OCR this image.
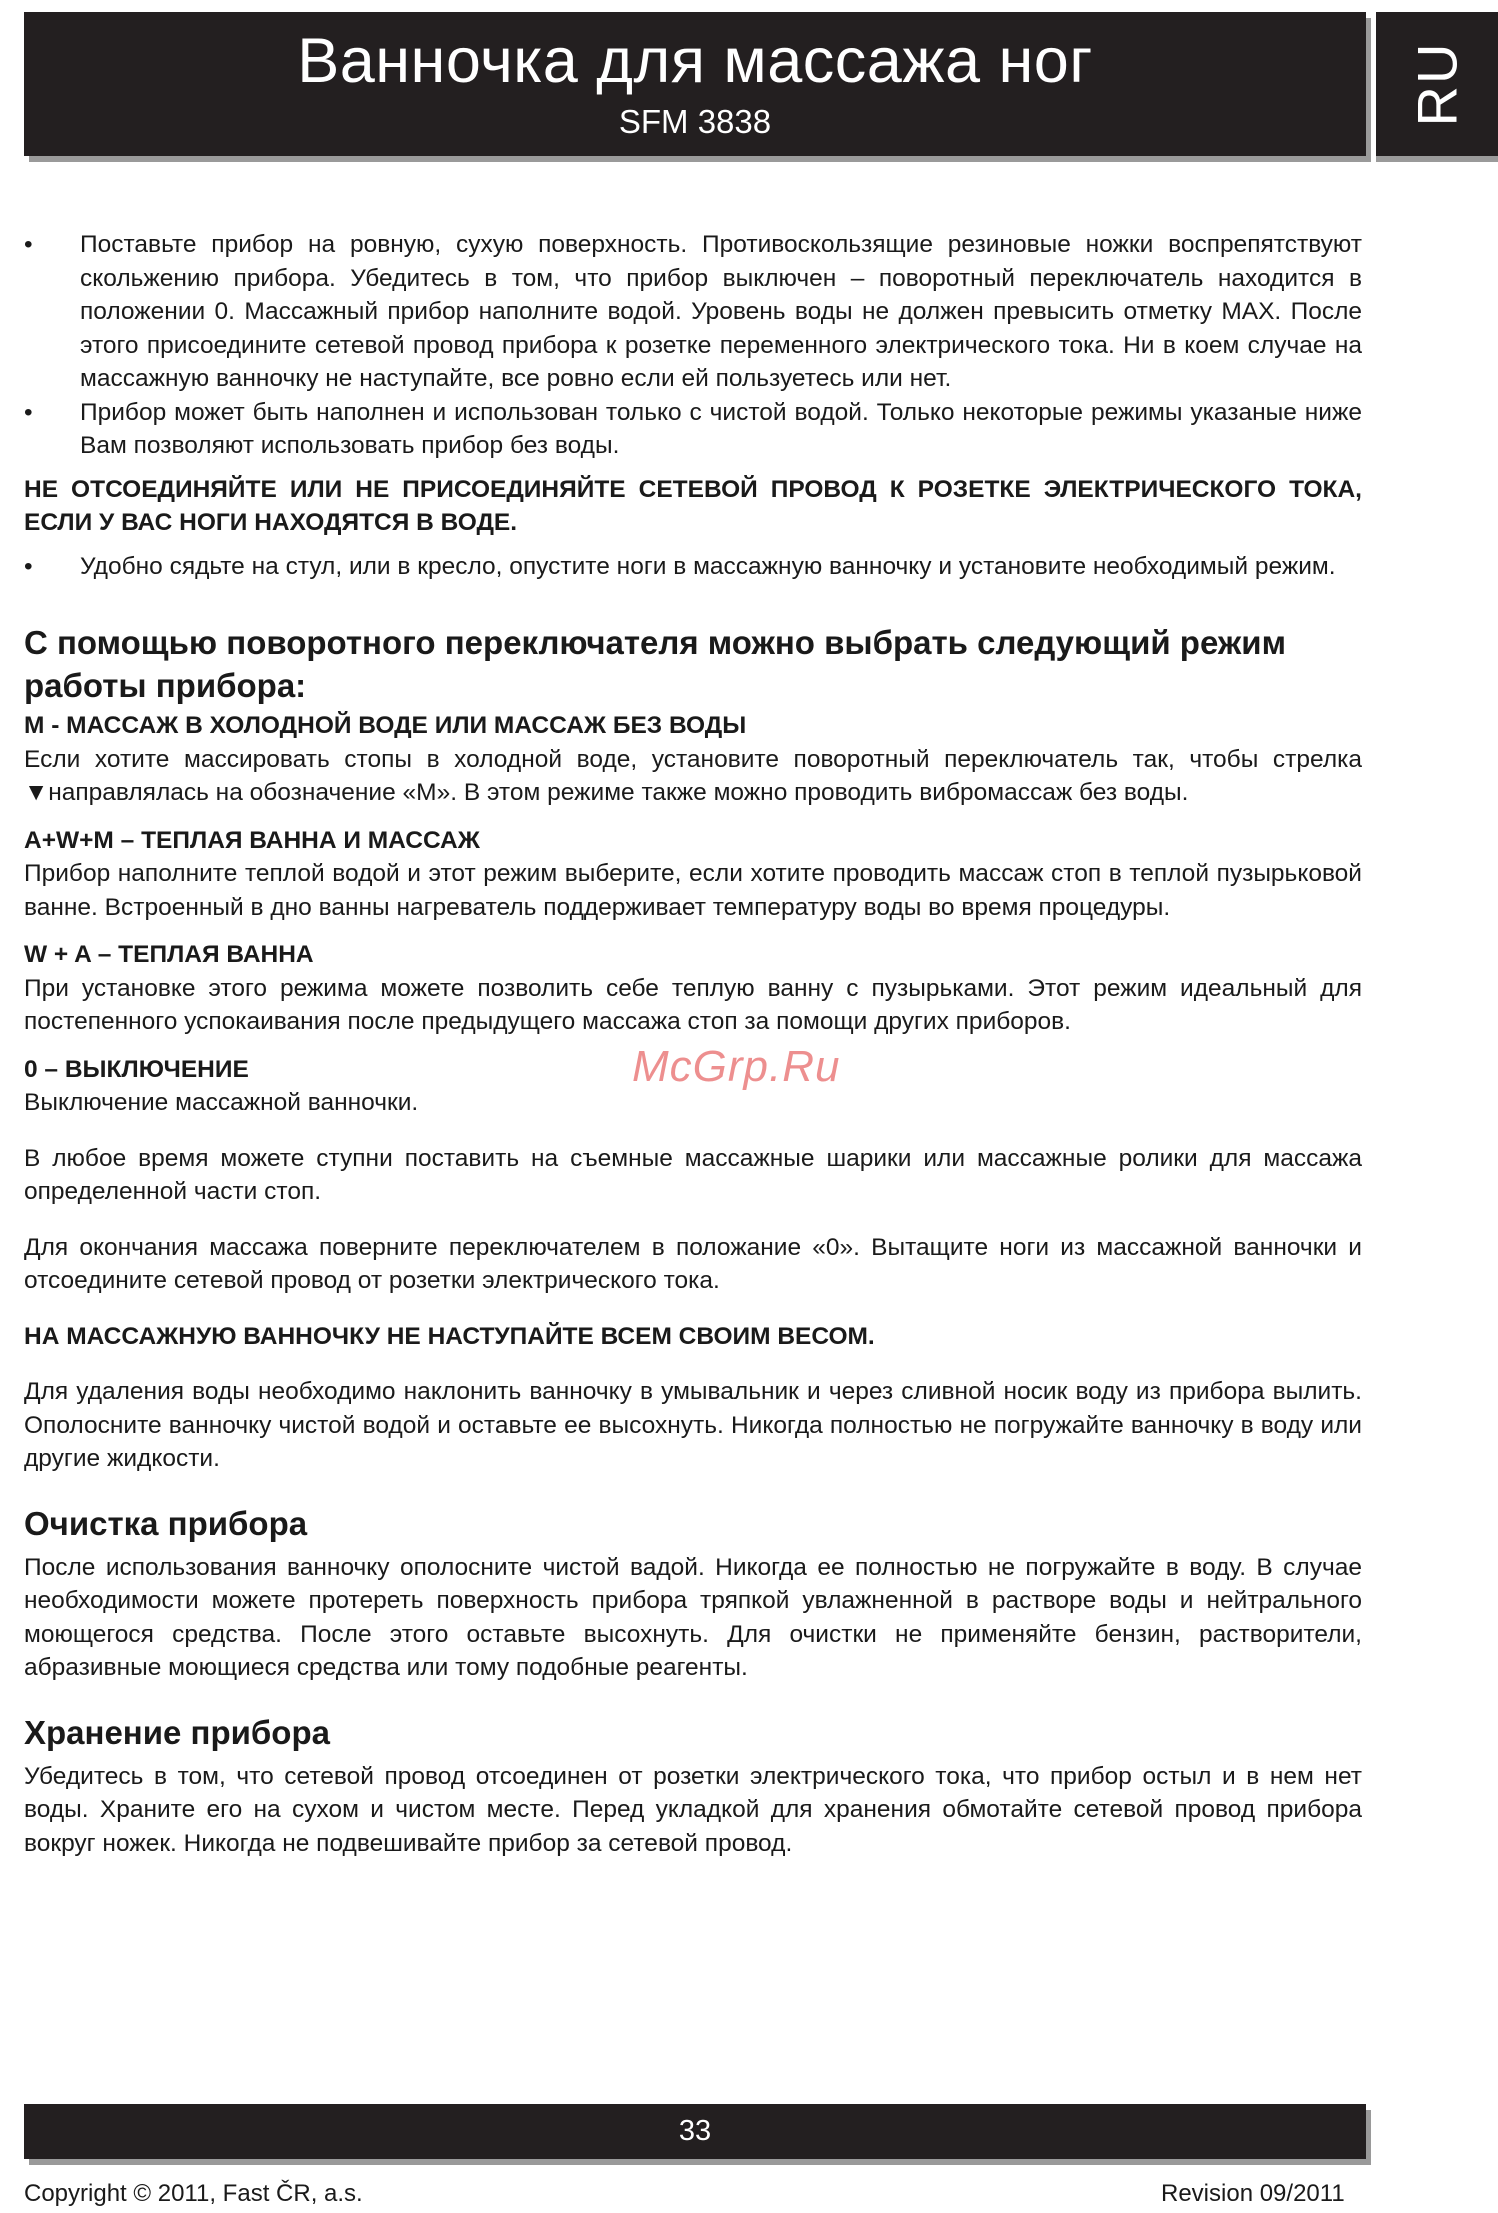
Ванночка для массажа ног
SFM 3838	RU
• Поставьте прибор на ровную, сухую поверхность. Противоскользящие резиновые ножки воспрепятствуют скольжению прибора. Убедитесь в том, что прибор выключен – поворотный переключатель находится в положении 0. Массажный прибор наполните водой. Уровень воды не должен превысить отметку MAX. После этого присоедините сетевой провод прибора к розетке переменного электрического тока. Ни в коем случае на массажную ванночку не наступайте, все ровно если ей пользуетесь или нет.
• Прибор может быть наполнен и использован только с чистой водой. Только некоторые режимы указаные ниже Вам позволяют использовать прибор без воды.

НЕ ОТСОЕДИНЯЙТЕ ИЛИ НЕ ПРИСОЕДИНЯЙТЕ СЕТЕВОЙ ПРОВОД К РОЗЕТКЕ ЭЛЕКТРИЧЕСКОГО ТОКА, ЕСЛИ У ВАС НОГИ НАХОДЯТСЯ В ВОДЕ.

• Удобно сядьте на стул, или в кресло, опустите ноги в массажную ванночку и установите необходимый режим.
С помощью поворотного переключателя можно выбрать следующий режим работы прибора:

M - МАССАЖ В ХОЛОДНОЙ ВОДЕ ИЛИ МАССАЖ БЕЗ ВОДЫ

Если хотите массировать стопы в холодной воде, установите поворотный переключатель так, чтобы стрелка ▼направлялась на обозначение «M». В этом режиме также можно проводить вибромассаж без воды.

A+W+M – ТЕПЛАЯ ВАННА И МАССАЖ

Прибор наполните теплой водой и этот режим выберите, если хотите проводить массаж стоп в теплой пузырьковой ванне. Встроенный в дно ванны нагреватель поддерживает температуру воды во время процедуры.

W + A – ТЕПЛАЯ ВАННА

При установке этого режима можете позволить себе теплую ванну с пузырьками. Этот режим идеальный для постепенного успокаивания после предыдущего массажа стоп за помощи других приборов.

0 – ВЫКЛЮЧЕНИЕ

Выключение массажной ванночки.

В любое время можете ступни поставить на съемные массажные шарики или массажные ролики для массажа определенной части стоп.

Для окончания массажа поверните переключателем в положание «0». Вытащите ноги из массажной ванночки и отсоедините сетевой провод от розетки электрического тока.

НА МАССАЖНУЮ ВАННОЧКУ НЕ НАСТУПАЙТЕ ВСЕМ СВОИМ ВЕСОМ.

Для удаления воды необходимо наклонить ванночку в умывальник и через сливной носик воду из прибора вылить. Ополосните ванночку чистой водой и оставьте ее высохнуть. Никогда полностью не погружайте ванночку в воду или другие жидкости.

Очистка прибора

После использования ванночку ополосните чистой вадой. Никогда ее полностью не погружайте в воду. В случае необходимости можете протереть поверхность прибора тряпкой увлажненной в растворе воды и нейтрального моющегося средства. После этого оставьте высохнуть. Для очистки не применяйте бензин, растворители, абразивные моющиеся средства или тому подобные реагенты.

Хранение прибора

Убедитесь в том, что сетевой провод отсоединен от розетки электрического тока, что прибор остыл и в нем нет воды. Храните его на сухом и чистом месте. Перед укладкой для хранения обмотайте сетевой провод прибора вокруг ножек. Никогда не подвешивайте прибор за сетевой провод.

McGrp.Ru
33
Copyright © 2011, Fast ČR, a.s.	Revision 09/2011
